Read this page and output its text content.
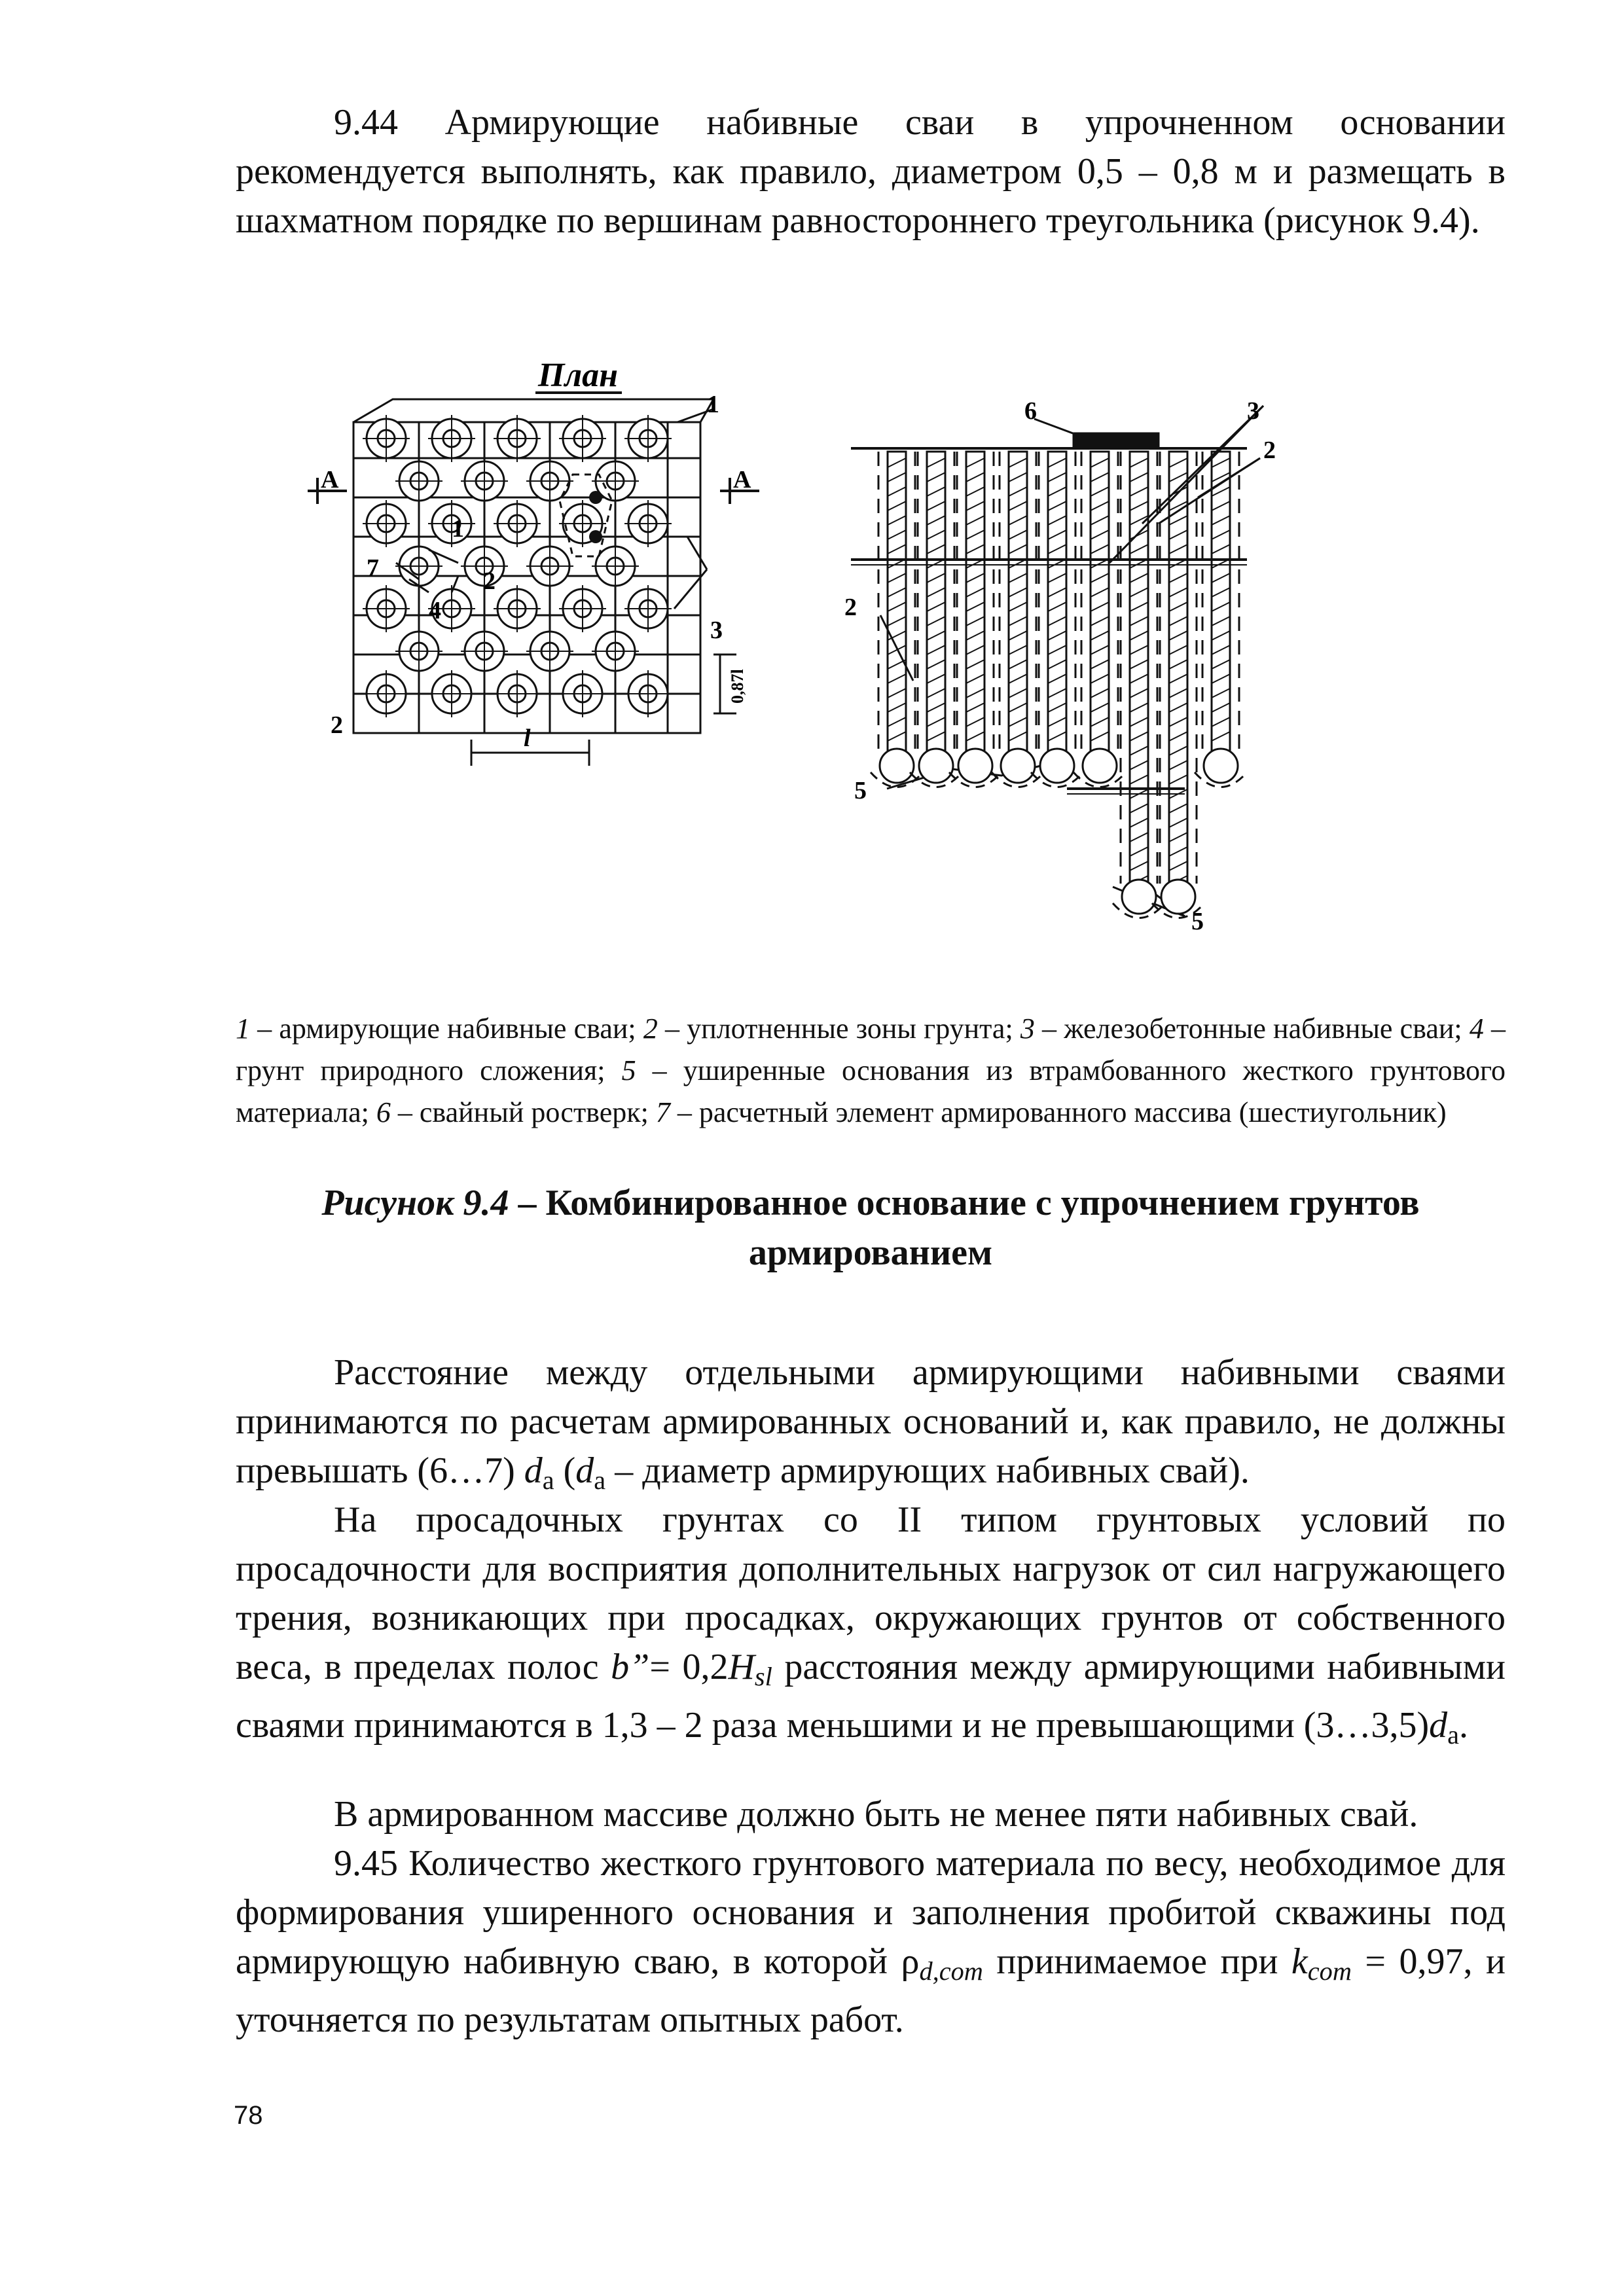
9.44 Армирующие набивные сваи в упрочненном основании рекомендуется выполнять, как правило, диаметром 0,5 – 0,8 м и размещать в шахматном порядке по вершинам равностороннего треугольника (рисунок 9.4).

План
1
А	А
1
7	2
4
3
2	l
0,87l
6	3
2
2
5
5

1 – армирующие набивные сваи; 2 – уплотненные зоны грунта; 3 – железобетонные набивные сваи; 4 – грунт природного сложения; 5 – уширенные основания из втрамбованного жесткого грунтового материала; 6 – свайный ростверк; 7 – расчетный элемент армированного массива (шестиугольник)

Рисунок 9.4 – Комбинированное основание с упрочнением грунтов армированием

Расстояние между отдельными армирующими набивными сваями принимаются по расчетам армированных оснований и, как правило, не должны превышать (6…7) $d_а$ ($d_а$ – диаметр армирующих набивных свай).

На просадочных грунтах со II типом грунтовых условий по просадочности для восприятия дополнительных нагрузок от сил нагружающего трения, возникающих при просадках, окружающих грунтов от собственного веса, в пределах полос b”= $0,2H_{sl}$ расстояния между армирующими набивными сваями принимаются в 1,3 – 2 раза меньшими и не превышающими $(3\dots 3,5)d_а$.

В армированном массиве должно быть не менее пяти набивных свай.

9.45 Количество жесткого грунтового материала по весу, необходимое для формирования уширенного основания и заполнения пробитой скважины под армирующую набивную сваю, в которой $\rho_{d,com}$ принимаемое при $k_{com} = 0,97$, и уточняется по результатам опытных работ.

78
